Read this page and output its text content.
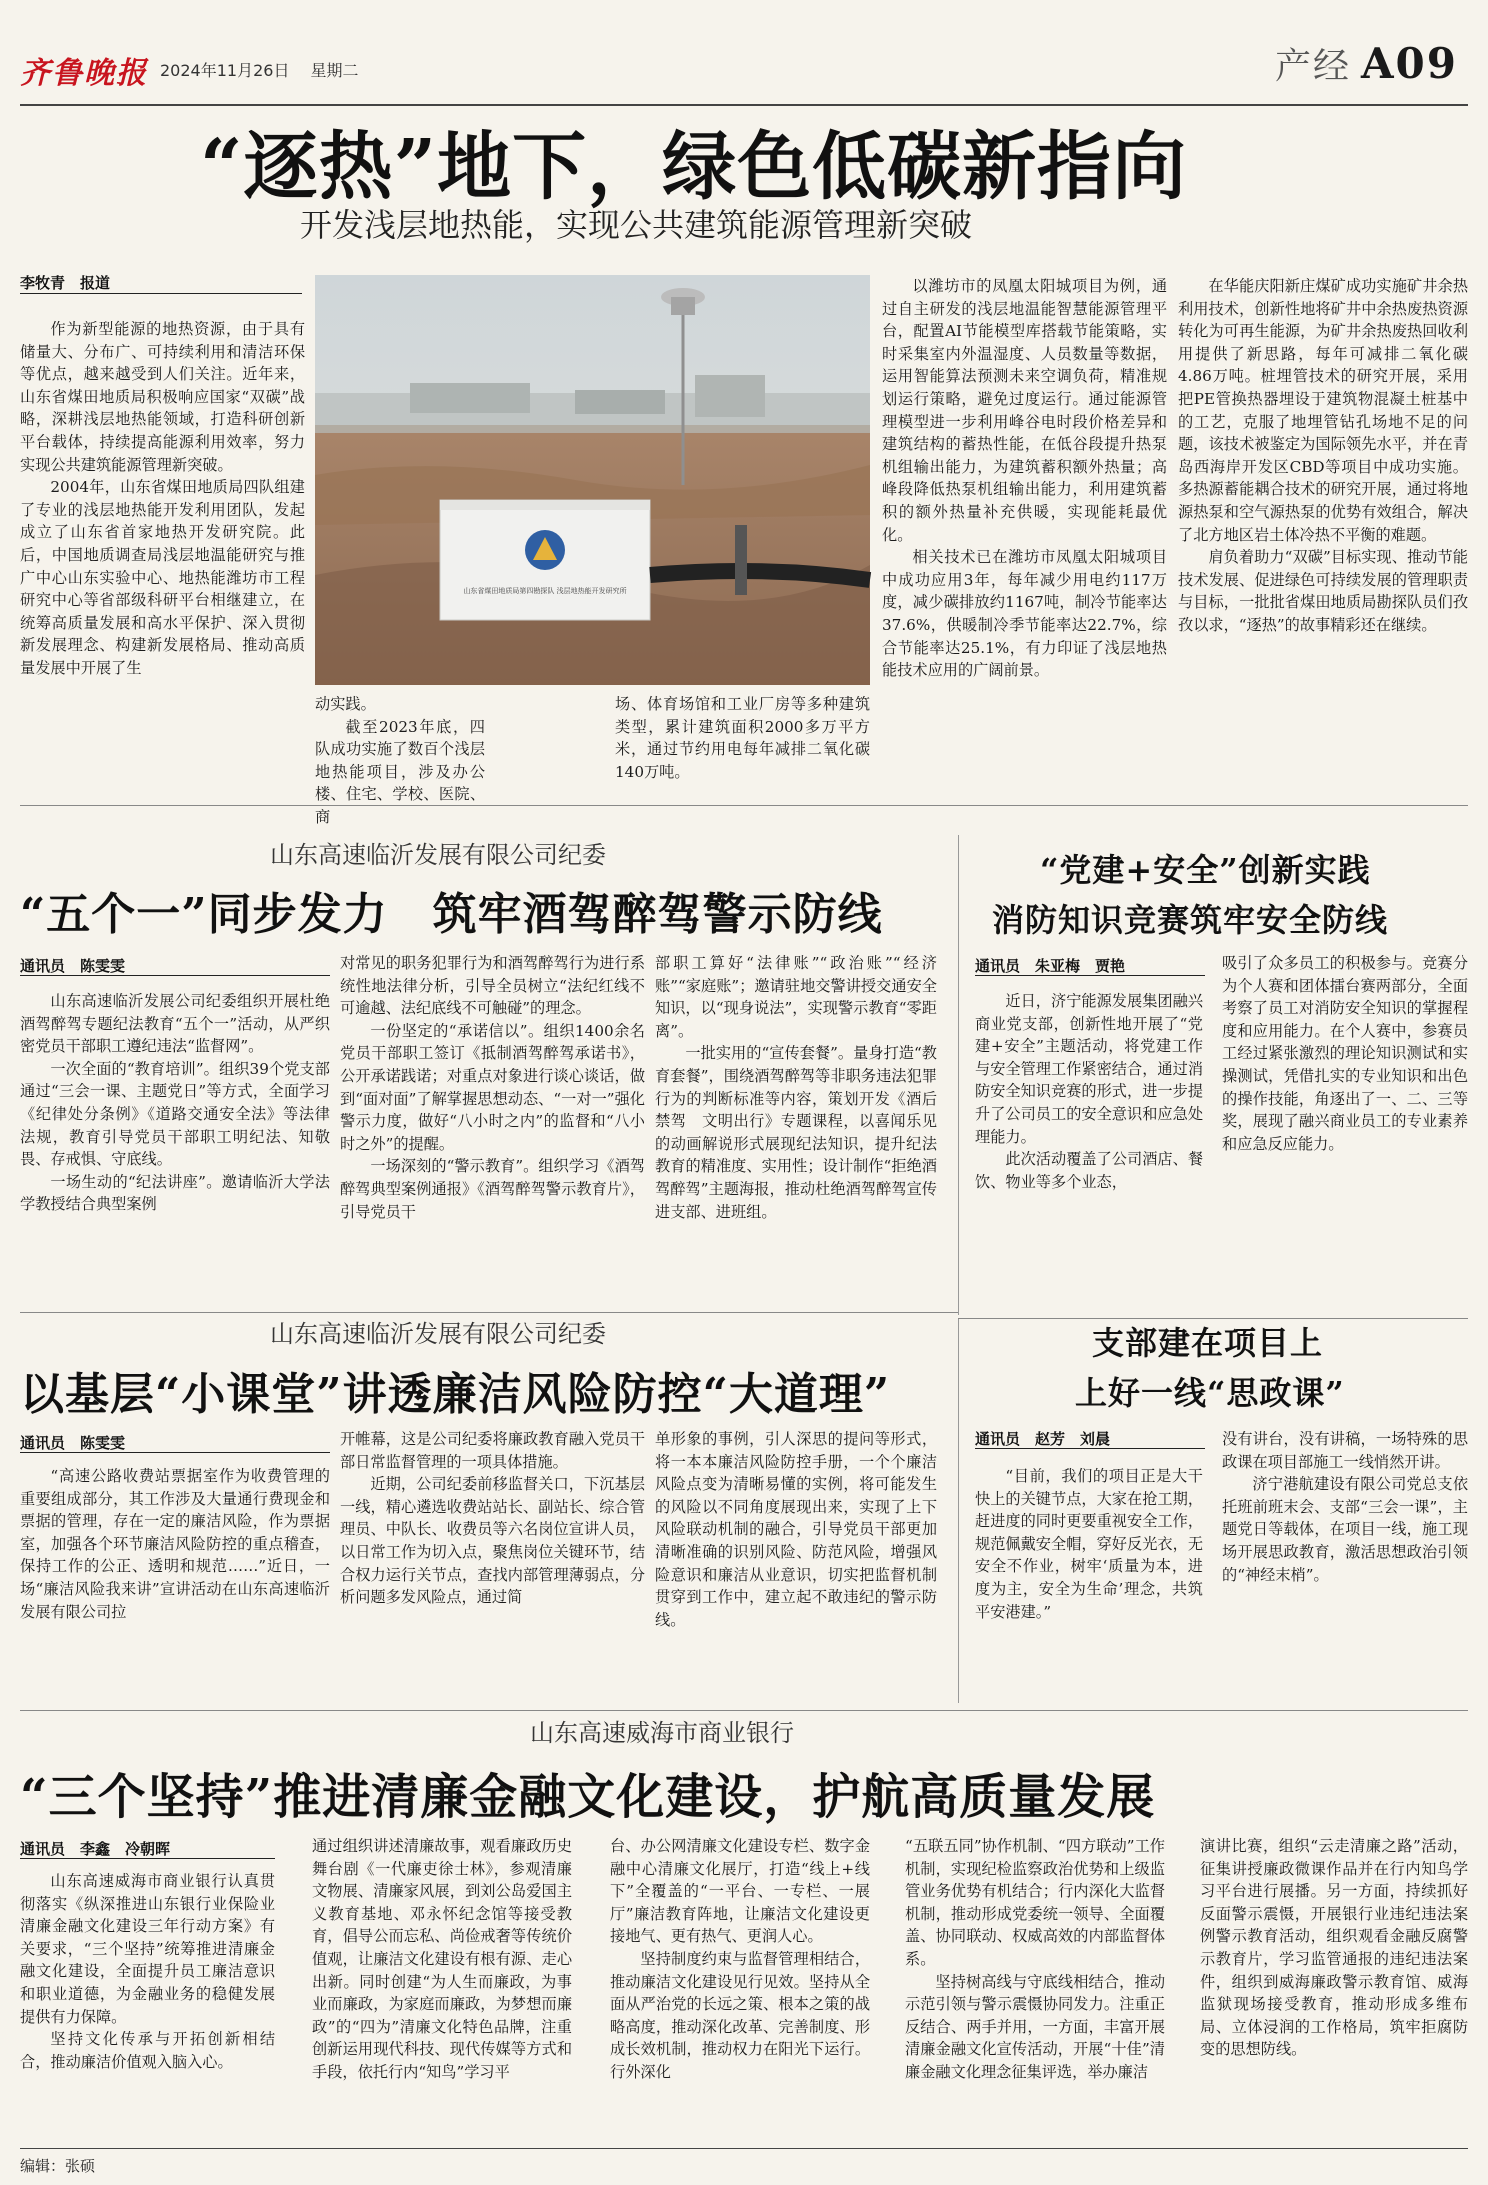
齐鲁晚报 2024年11月26日 星期二	产经 A09
“逐热”地下，绿色低碳新指向
开发浅层地热能，实现公共建筑能源管理新突破
李牧青　报道

作为新型能源的地热资源，由于具有储量大、分布广、可持续利用和清洁环保等优点，越来越受到人们关注。近年来，山东省煤田地质局积极响应国家“双碳”战略，深耕浅层地热能领域，打造科研创新平台载体，持续提高能源利用效率，努力实现公共建筑能源管理新突破。

2004年，山东省煤田地质局四队组建了专业的浅层地热能开发利用团队，发起成立了山东省首家地热开发研究院。此后，中国地质调查局浅层地温能研究与推广中心山东实验中心、地热能潍坊市工程研究中心等省部级科研平台相继建立，在统筹高质量发展和高水平保护、深入贯彻新发展理念、构建新发展格局、推动高质量发展中开展了生

山东省煤田地质局第四勘探队 浅层地热能开发研究所

动实践。

截至2023年底，四队成功实施了数百个浅层地热能项目，涉及办公楼、住宅、学校、医院、商

场、体育场馆和工业厂房等多种建筑类型，累计建筑面积2000多万平方米，通过节约用电每年减排二氧化碳140万吨。

以潍坊市的凤凰太阳城项目为例，通过自主研发的浅层地温能智慧能源管理平台，配置AI节能模型库搭载节能策略，实时采集室内外温湿度、人员数量等数据，运用智能算法预测未来空调负荷，精准规划运行策略，避免过度运行。通过能源管理模型进一步利用峰谷电时段价格差异和建筑结构的蓄热性能，在低谷段提升热泵机组输出能力，为建筑蓄积额外热量；高峰段降低热泵机组输出能力，利用建筑蓄积的额外热量补充供暖，实现能耗最优化。

相关技术已在潍坊市凤凰太阳城项目中成功应用3年，每年减少用电约117万度，减少碳排放约1167吨，制冷节能率达37.6%，供暖制冷季节能率达22.7%，综合节能率达25.1%，有力印证了浅层地热能技术应用的广阔前景。

在华能庆阳新庄煤矿成功实施矿井余热利用技术，创新性地将矿井中余热废热资源转化为可再生能源，为矿井余热废热回收利用提供了新思路，每年可减排二氧化碳4.86万吨。桩埋管技术的研究开展，采用把PE管换热器埋设于建筑物混凝土桩基中的工艺，克服了地埋管钻孔场地不足的问题，该技术被鉴定为国际领先水平，并在青岛西海岸开发区CBD等项目中成功实施。多热源蓄能耦合技术的研究开展，通过将地源热泵和空气源热泵的优势有效组合，解决了北方地区岩土体冷热不平衡的难题。

肩负着助力“双碳”目标实现、推动节能技术发展、促进绿色可持续发展的管理职责与目标，一批批省煤田地质局勘探队员们孜孜以求，“逐热”的故事精彩还在继续。

山东高速临沂发展有限公司纪委
“五个一”同步发力　筑牢酒驾醉驾警示防线
通讯员　陈雯雯

山东高速临沂发展公司纪委组织开展杜绝酒驾醉驾专题纪法教育“五个一”活动，从严织密党员干部职工遵纪违法“监督网”。

一次全面的“教育培训”。组织39个党支部通过“三会一课、主题党日”等方式，全面学习《纪律处分条例》《道路交通安全法》等法律法规，教育引导党员干部职工明纪法、知敬畏、存戒惧、守底线。

一场生动的“纪法讲座”。邀请临沂大学法学教授结合典型案例

对常见的职务犯罪行为和酒驾醉驾行为进行系统性地法律分析，引导全员树立“法纪红线不可逾越、法纪底线不可触碰”的理念。

一份坚定的“承诺信以”。组织1400余名党员干部职工签订《抵制酒驾醉驾承诺书》，公开承诺践诺；对重点对象进行谈心谈话，做到“面对面”了解掌握思想动态、“一对一”强化警示力度，做好“八小时之内”的监督和“八小时之外”的提醒。

一场深刻的“警示教育”。组织学习《酒驾醉驾典型案例通报》《酒驾醉驾警示教育片》，引导党员干

部职工算好“法律账”“政治账”“经济账”“家庭账”；邀请驻地交警讲授交通安全知识，以“现身说法”，实现警示教育“零距离”。

一批实用的“宣传套餐”。量身打造“教育套餐”，围绕酒驾醉驾等非职务违法犯罪行为的判断标准等内容，策划开发《酒后禁驾　文明出行》专题课程，以喜闻乐见的动画解说形式展现纪法知识，提升纪法教育的精准度、实用性；设计制作“拒绝酒驾醉驾”主题海报，推动杜绝酒驾醉驾宣传进支部、进班组。

“党建+安全”创新实践
消防知识竞赛筑牢安全防线
通讯员　朱亚梅　贾艳

近日，济宁能源发展集团融兴商业党支部，创新性地开展了“党建+安全”主题活动，将党建工作与安全管理工作紧密结合，通过消防安全知识竞赛的形式，进一步提升了公司员工的安全意识和应急处理能力。

此次活动覆盖了公司酒店、餐饮、物业等多个业态，

吸引了众多员工的积极参与。竞赛分为个人赛和团体擂台赛两部分，全面考察了员工对消防安全知识的掌握程度和应用能力。在个人赛中，参赛员工经过紧张激烈的理论知识测试和实操测试，凭借扎实的专业知识和出色的操作技能，角逐出了一、二、三等奖，展现了融兴商业员工的专业素养和应急反应能力。

山东高速临沂发展有限公司纪委
以基层“小课堂”讲透廉洁风险防控“大道理”
通讯员　陈雯雯

“高速公路收费站票据室作为收费管理的重要组成部分，其工作涉及大量通行费现金和票据的管理，存在一定的廉洁风险，作为票据室，加强各个环节廉洁风险防控的重点稽查，保持工作的公正、透明和规范……”近日，一场“廉洁风险我来讲”宣讲活动在山东高速临沂发展有限公司拉

开帷幕，这是公司纪委将廉政教育融入党员干部日常监督管理的一项具体措施。

近期，公司纪委前移监督关口，下沉基层一线，精心遴选收费站站长、副站长、综合管理员、中队长、收费员等六名岗位宣讲人员，以日常工作为切入点，聚焦岗位关键环节，结合权力运行关节点，查找内部管理薄弱点，分析问题多发风险点，通过简

单形象的事例，引人深思的提问等形式，将一本本廉洁风险防控手册，一个个廉洁风险点变为清晰易懂的实例，将可能发生的风险以不同角度展现出来，实现了上下风险联动机制的融合，引导党员干部更加清晰准确的识别风险、防范风险，增强风险意识和廉洁从业意识，切实把监督机制贯穿到工作中，建立起不敢违纪的警示防线。

支部建在项目上
上好一线“思政课”
通讯员　赵芳　刘晨

“目前，我们的项目正是大干快上的关键节点，大家在抢工期，赶进度的同时更要重视安全工作，规范佩戴安全帽，穿好反光衣，无安全不作业，树牢‘质量为本，进度为主，安全为生命’理念，共筑平安港建。”

没有讲台，没有讲稿，一场特殊的思政课在项目部施工一线悄然开讲。

济宁港航建设有限公司党总支依托班前班末会、支部“三会一课”，主题党日等载体，在项目一线，施工现场开展思政教育，激活思想政治引领的“神经末梢”。

山东高速威海市商业银行
“三个坚持”推进清廉金融文化建设，护航高质量发展
通讯员　李鑫　冷朝晖

山东高速威海市商业银行认真贯彻落实《纵深推进山东银行业保险业清廉金融文化建设三年行动方案》有关要求，“三个坚持”统筹推进清廉金融文化建设，全面提升员工廉洁意识和职业道德，为金融业务的稳健发展提供有力保障。

坚持文化传承与开拓创新相结合，推动廉洁价值观入脑入心。

通过组织讲述清廉故事，观看廉政历史舞台剧《一代廉吏徐士林》，参观清廉文物展、清廉家风展，到刘公岛爱国主义教育基地、邓永怀纪念馆等接受教育，倡导公而忘私、尚俭戒奢等传统价值观，让廉洁文化建设有根有源、走心出新。同时创建“为人生而廉政，为事业而廉政，为家庭而廉政，为梦想而廉政”的“四为”清廉文化特色品牌，注重创新运用现代科技、现代传媒等方式和手段，依托行内“知鸟”学习平

台、办公网清廉文化建设专栏、数字金融中心清廉文化展厅，打造“线上+线下”全覆盖的“一平台、一专栏、一展厅”廉洁教育阵地，让廉洁文化建设更接地气、更有热气、更润人心。

坚持制度约束与监督管理相结合，推动廉洁文化建设见行见效。坚持从全面从严治党的长远之策、根本之策的战略高度，推动深化改革、完善制度、形成长效机制，推动权力在阳光下运行。行外深化

“五联五同”协作机制、“四方联动”工作机制，实现纪检监察政治优势和上级监管业务优势有机结合；行内深化大监督机制，推动形成党委统一领导、全面覆盖、协同联动、权威高效的内部监督体系。

坚持树高线与守底线相结合，推动示范引领与警示震慑协同发力。注重正反结合、两手并用，一方面，丰富开展清廉金融文化宣传活动，开展“十佳”清廉金融文化理念征集评选，举办廉洁

演讲比赛，组织“云走清廉之路”活动，征集讲授廉政微课作品并在行内知鸟学习平台进行展播。另一方面，持续抓好反面警示震慑，开展银行业违纪违法案例警示教育活动，组织观看金融反腐警示教育片，学习监管通报的违纪违法案件，组织到威海廉政警示教育馆、威海监狱现场接受教育，推动形成多维布局、立体浸润的工作格局，筑牢拒腐防变的思想防线。

编辑：张硕
